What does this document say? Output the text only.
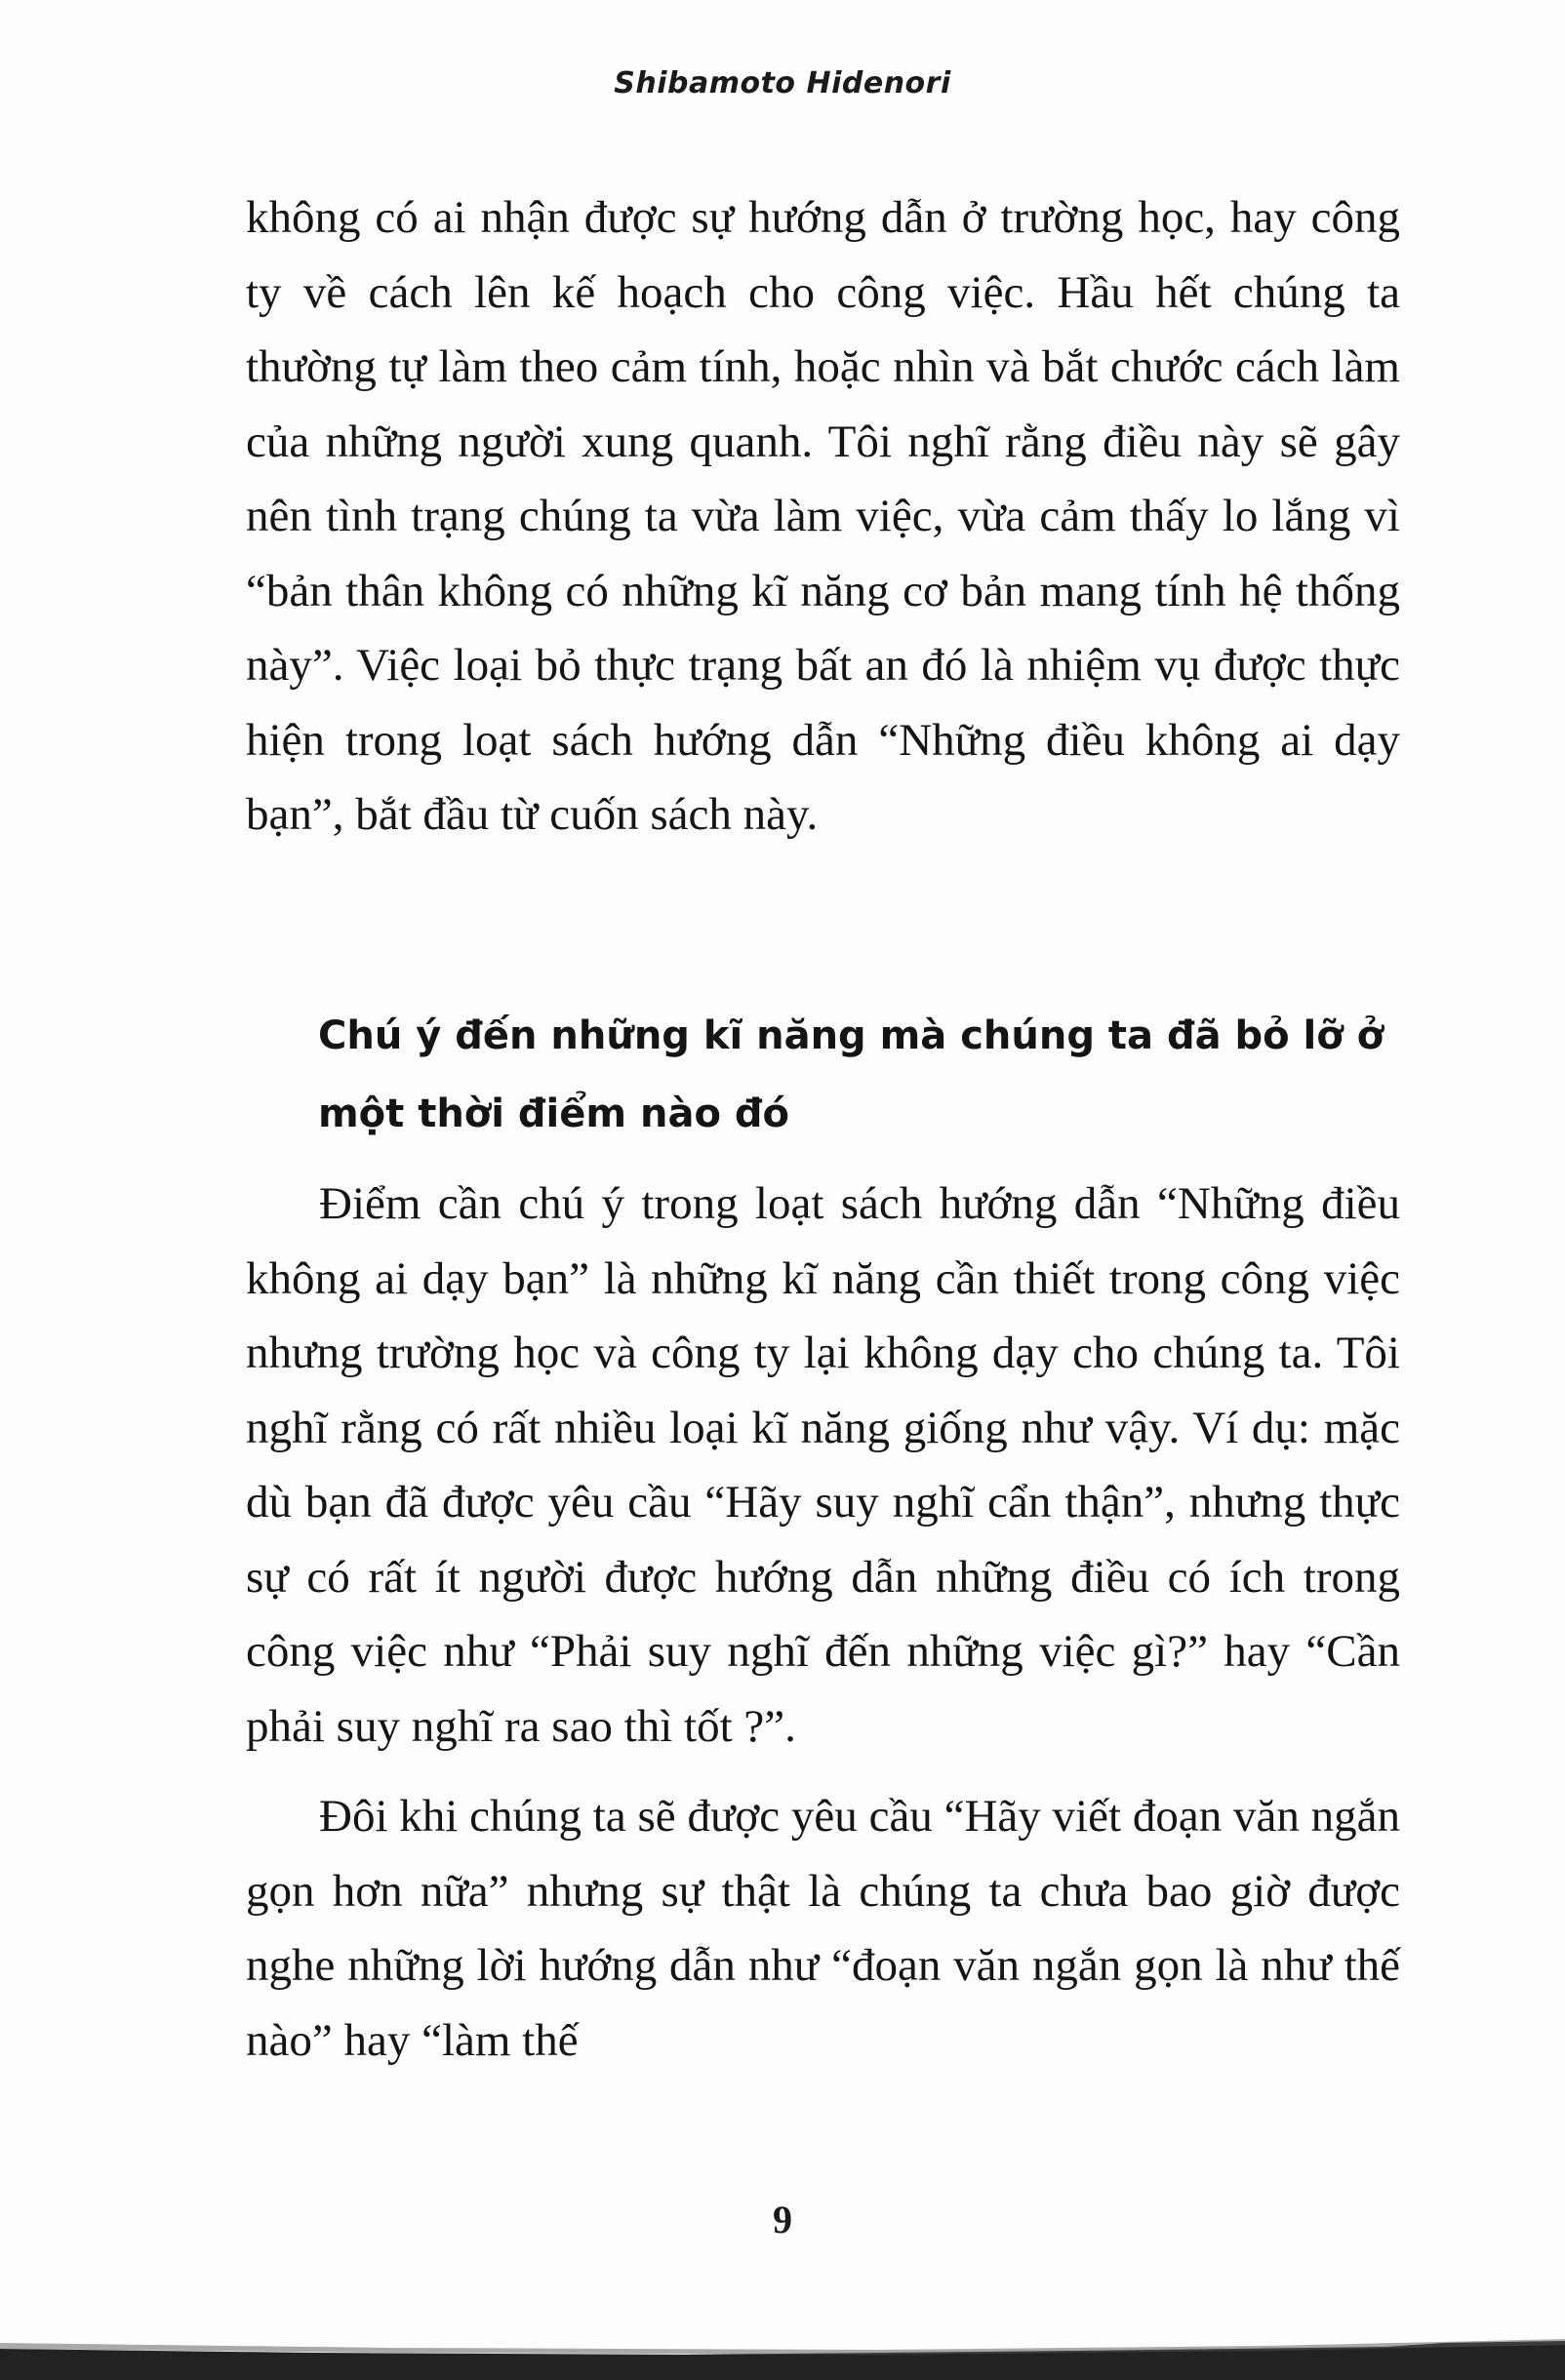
Shibamoto Hidenori

không có ai nhận được sự hướng dẫn ở trường học, hay công ty về cách lên kế hoạch cho công việc. Hầu hết chúng ta thường tự làm theo cảm tính, hoặc nhìn và bắt chước cách làm của những người xung quanh. Tôi nghĩ rằng điều này sẽ gây nên tình trạng chúng ta vừa làm việc, vừa cảm thấy lo lắng vì “bản thân không có những kĩ năng cơ bản mang tính hệ thống này”. Việc loại bỏ thực trạng bất an đó là nhiệm vụ được thực hiện trong loạt sách hướng dẫn “Những điều không ai dạy bạn”, bắt đầu từ cuốn sách này.

Chú ý đến những kĩ năng mà chúng ta đã bỏ lỡ ở một thời điểm nào đó

Điểm cần chú ý trong loạt sách hướng dẫn “Những điều không ai dạy bạn” là những kĩ năng cần thiết trong công việc nhưng trường học và công ty lại không dạy cho chúng ta. Tôi nghĩ rằng có rất nhiều loại kĩ năng giống như vậy. Ví dụ: mặc dù bạn đã được yêu cầu “Hãy suy nghĩ cẩn thận”, nhưng thực sự có rất ít người được hướng dẫn những điều có ích trong công việc như “Phải suy nghĩ đến những việc gì?” hay “Cần phải suy nghĩ ra sao thì tốt ?”.

Đôi khi chúng ta sẽ được yêu cầu “Hãy viết đoạn văn ngắn gọn hơn nữa” nhưng sự thật là chúng ta chưa bao giờ được nghe những lời hướng dẫn như “đoạn văn ngắn gọn là như thế nào” hay “làm thế

9
